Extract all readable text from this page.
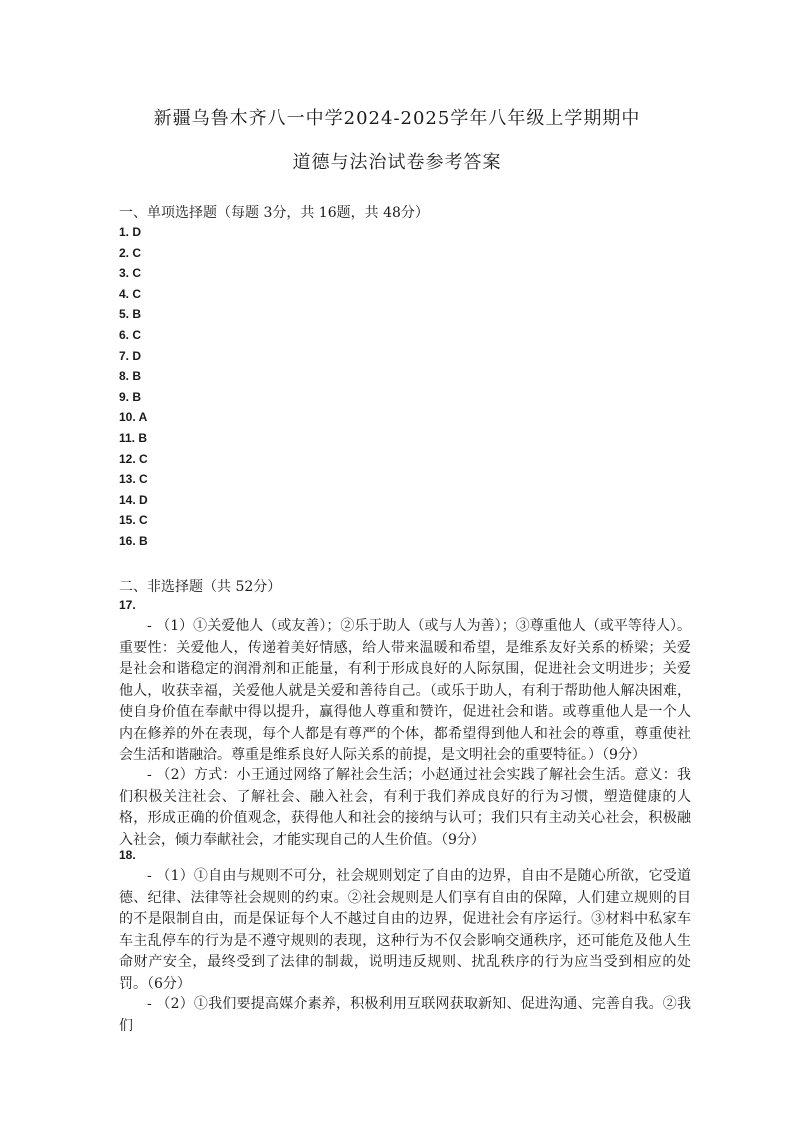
新疆乌鲁木齐八一中学2024-2025学年八年级上学期期中
道德与法治试卷参考答案
一、单项选择题（每题 3分，共 16题，共 48分）
1. D
2. C
3. C
4. C
5. B
6. C
7. D
8. B
9. B
10. A
11. B
12. C
13. C
14. D
15. C
16. B
二、非选择题（共 52分）
17.

- （1）①关爱他人（或友善）；②乐于助人（或与人为善）；③尊重他人（或平等待人）。重要性：关爱他人，传递着美好情感，给人带来温暖和希望，是维系友好关系的桥梁；关爱是社会和谐稳定的润滑剂和正能量，有利于形成良好的人际氛围，促进社会文明进步；关爱他人，收获幸福，关爱他人就是关爱和善待自己。（或乐于助人，有利于帮助他人解决困难，使自身价值在奉献中得以提升，赢得他人尊重和赞许，促进社会和谐。或尊重他人是一个人内在修养的外在表现，每个人都是有尊严的个体，都希望得到他人和社会的尊重，尊重使社会生活和谐融洽。尊重是维系良好人际关系的前提，是文明社会的重要特征。）（9分）

- （2）方式：小王通过网络了解社会生活；小赵通过社会实践了解社会生活。意义：我们积极关注社会、了解社会、融入社会，有利于我们养成良好的行为习惯，塑造健康的人格，形成正确的价值观念，获得他人和社会的接纳与认可；我们只有主动关心社会，积极融入社会，倾力奉献社会，才能实现自己的人生价值。（9分）

18.

- （1）①自由与规则不可分，社会规则划定了自由的边界，自由不是随心所欲，它受道德、纪律、法律等社会规则的约束。②社会规则是人们享有自由的保障，人们建立规则的目的不是限制自由，而是保证每个人不越过自由的边界，促进社会有序运行。③材料中私家车车主乱停车的行为是不遵守规则的表现，这种行为不仅会影响交通秩序，还可能危及他人生命财产安全，最终受到了法律的制裁，说明违反规则、扰乱秩序的行为应当受到相应的处罚。（6分）

- （2）①我们要提高媒介素养，积极利用互联网获取新知、促进沟通、完善自我。②我们
